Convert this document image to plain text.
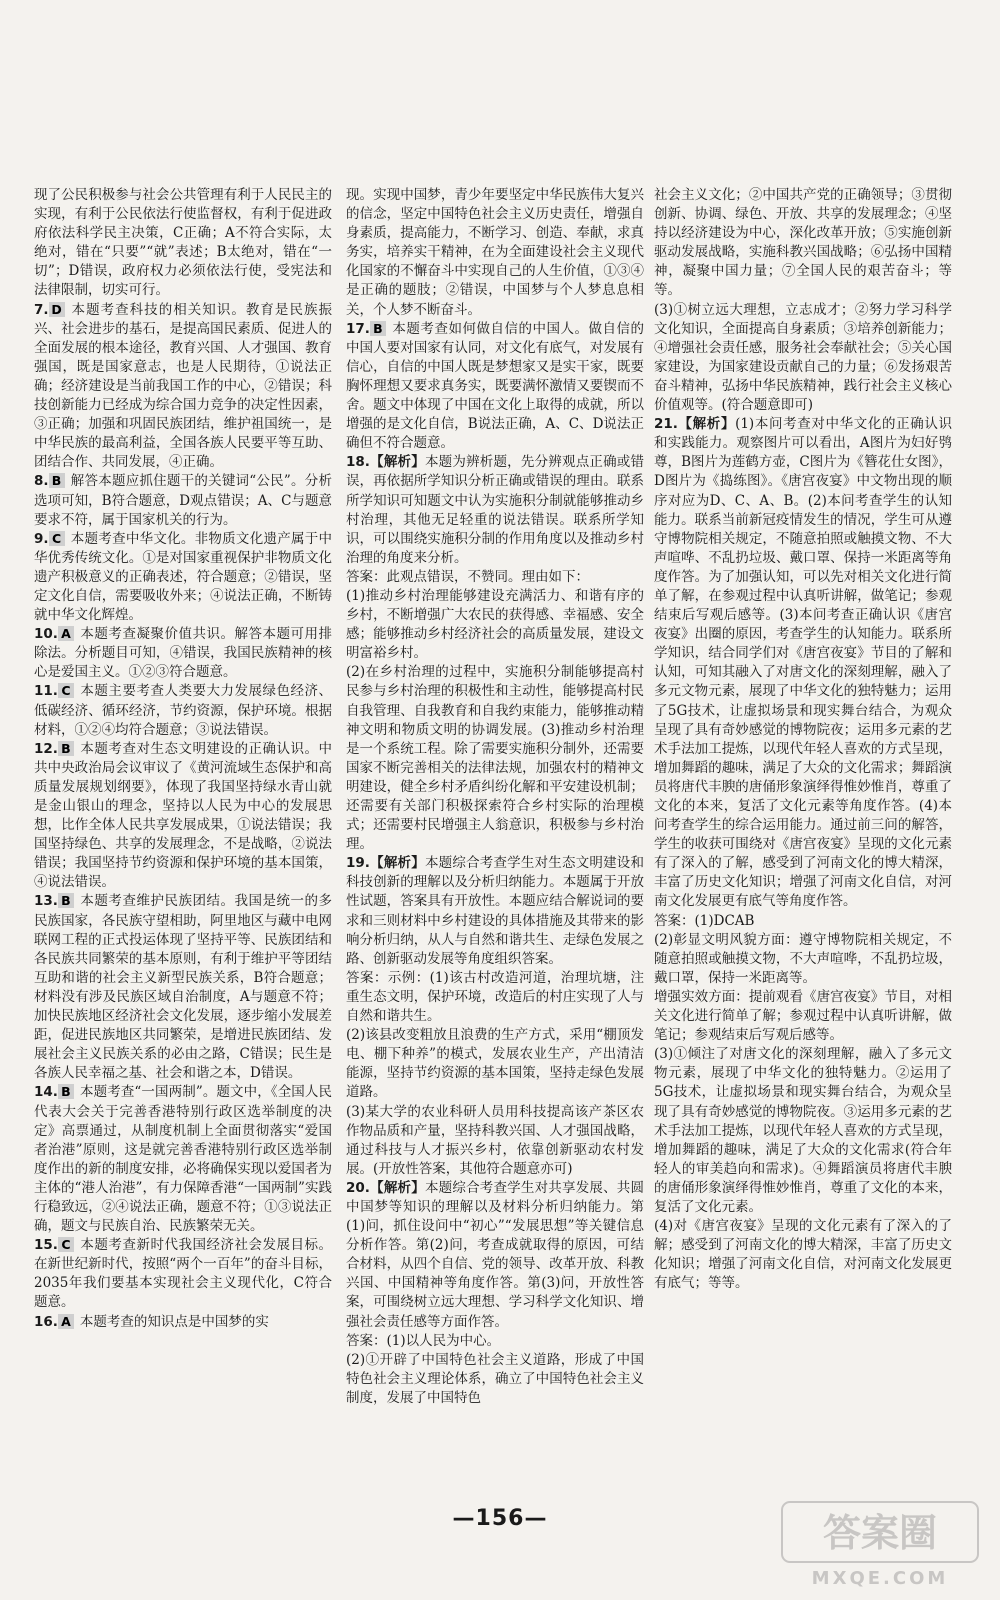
现了公民积极参与社会公共管理有利于人民民主的实现，有利于公民依法行使监督权，有利于促进政府依法科学民主决策，C正确；A不符合实际，太绝对，错在“只要”“就”表述；B太绝对，错在“一切”；D错误，政府权力必须依法行使，受宪法和法律限制，切实可行。

7. D 本题考查科技的相关知识。教育是民族振兴、社会进步的基石，是提高国民素质、促进人的全面发展的根本途径，教育兴国、人才强国、教育强国，既是国家意志，也是人民期待，①说法正确；经济建设是当前我国工作的中心，②错误；科技创新能力已经成为综合国力竞争的决定性因素，③正确；加强和巩固民族团结，维护祖国统一，是中华民族的最高利益，全国各族人民要平等互助、团结合作、共同发展，④正确。

8. B 解答本题应抓住题干的关键词“公民”。分析选项可知，B符合题意，D观点错误；A、C与题意要求不符，属于国家机关的行为。

9. C 本题考查中华文化。非物质文化遗产属于中华优秀传统文化。①是对国家重视保护非物质文化遗产积极意义的正确表述，符合题意；②错误，坚定文化自信，需要吸收外来；④说法正确，不断铸就中华文化辉煌。

10. A 本题考查凝聚价值共识。解答本题可用排除法。分析题目可知，④错误，我国民族精神的核心是爱国主义。①②③符合题意。

11. C 本题主要考查人类要大力发展绿色经济、低碳经济、循环经济，节约资源，保护环境。根据材料，①②④均符合题意；③说法错误。

12. B 本题考查对生态文明建设的正确认识。中共中央政治局会议审议了《黄河流域生态保护和高质量发展规划纲要》，体现了我国坚持绿水青山就是金山银山的理念，坚持以人民为中心的发展思想，比作全体人民共享发展成果，①说法错误；我国坚持绿色、共享的发展理念，不是战略，②说法错误；我国坚持节约资源和保护环境的基本国策，④说法错误。

13. B 本题考查维护民族团结。我国是统一的多民族国家，各民族守望相助，阿里地区与藏中电网联网工程的正式投运体现了坚持平等、民族团结和各民族共同繁荣的基本原则，有利于维护平等团结互助和谐的社会主义新型民族关系，B符合题意；材料没有涉及民族区域自治制度，A与题意不符；加快民族地区经济社会文化发展，逐步缩小发展差距，促进民族地区共同繁荣，是增进民族团结、发展社会主义民族关系的必由之路，C错误；民生是各族人民幸福之基、社会和谐之本，D错误。

14. B 本题考查“一国两制”。题文中，《全国人民代表大会关于完善香港特别行政区选举制度的决定》高票通过，从制度机制上全面贯彻落实“爱国者治港”原则，这是就完善香港特别行政区选举制度作出的新的制度安排，必将确保实现以爱国者为主体的“港人治港”，有力保障香港“一国两制”实践行稳致远，②④说法正确，题意不符；①③说法正确，题文与民族自治、民族繁荣无关。

15. C 本题考查新时代我国经济社会发展目标。在新世纪新时代，按照“两个一百年”的奋斗目标，2035年我们要基本实现社会主义现代化，C符合题意。

16. A 本题考查的知识点是中国梦的实

现。实现中国梦，青少年要坚定中华民族伟大复兴的信念，坚定中国特色社会主义历史责任，增强自身素质，提高能力，不断学习、创造、奉献，求真务实，培养实干精神，在为全面建设社会主义现代化国家的不懈奋斗中实现自己的人生价值，①③④是正确的题肢；②错误，中国梦与个人梦息息相关，个人梦不断奋斗。

17. B 本题考查如何做自信的中国人。做自信的中国人要对国家有认同，对文化有底气，对发展有信心，自信的中国人既是梦想家又是实干家，既要胸怀理想又要求真务实，既要满怀激情又要锲而不舍。题文中体现了中国在文化上取得的成就，所以增强的是文化自信，B说法正确，A、C、D说法正确但不符合题意。

18.【解析】本题为辨析题，先分辨观点正确或错误，再依据所学知识分析正确或错误的理由。联系所学知识可知题文中认为实施积分制就能够推动乡村治理，其他无足轻重的说法错误。联系所学知识，可以围绕实施积分制的作用角度以及推动乡村治理的角度来分析。

答案：此观点错误，不赞同。理由如下：

(1)推动乡村治理能够建设充满活力、和谐有序的乡村，不断增强广大农民的获得感、幸福感、安全感；能够推动乡村经济社会的高质量发展，建设文明富裕乡村。

(2)在乡村治理的过程中，实施积分制能够提高村民参与乡村治理的积极性和主动性，能够提高村民自我管理、自我教育和自我约束能力，能够推动精神文明和物质文明的协调发展。(3)推动乡村治理是一个系统工程。除了需要实施积分制外，还需要国家不断完善相关的法律法规，加强农村的精神文明建设，健全乡村矛盾纠纷化解和平安建设机制；还需要有关部门积极探索符合乡村实际的治理模式；还需要村民增强主人翁意识，积极参与乡村治理。

19.【解析】本题综合考查学生对生态文明建设和科技创新的理解以及分析归纳能力。本题属于开放性试题，答案具有开放性。本题应结合解说词的要求和三则材料中乡村建设的具体措施及其带来的影响分析归纳，从人与自然和谐共生、走绿色发展之路、创新驱动发展等角度组织答案。

答案：示例：(1)该古村改造河道，治理坑塘，注重生态文明，保护环境，改造后的村庄实现了人与自然和谐共生。

(2)该县改变粗放且浪费的生产方式，采用“棚顶发电、棚下种养”的模式，发展农业生产，产出清洁能源，坚持节约资源的基本国策，坚持走绿色发展道路。

(3)某大学的农业科研人员用科技提高该产茶区农作物品质和产量，坚持科教兴国、人才强国战略，通过科技与人才振兴乡村，依靠创新驱动农村发展。(开放性答案，其他符合题意亦可)

20.【解析】本题综合考查学生对共享发展、共圆中国梦等知识的理解以及材料分析归纳能力。第(1)问，抓住设问中“初心”“发展思想”等关键信息分析作答。第(2)问，考查成就取得的原因，可结合材料，从四个自信、党的领导、改革开放、科教兴国、中国精神等角度作答。第(3)问，开放性答案，可围绕树立远大理想、学习科学文化知识、增强社会责任感等方面作答。

答案：(1)以人民为中心。

(2)①开辟了中国特色社会主义道路，形成了中国特色社会主义理论体系，确立了中国特色社会主义制度，发展了中国特色

社会主义文化；②中国共产党的正确领导；③贯彻创新、协调、绿色、开放、共享的发展理念；④坚持以经济建设为中心，深化改革开放；⑤实施创新驱动发展战略，实施科教兴国战略；⑥弘扬中国精神，凝聚中国力量；⑦全国人民的艰苦奋斗；等等。

(3)①树立远大理想，立志成才；②努力学习科学文化知识，全面提高自身素质；③培养创新能力；④增强社会责任感，服务社会奉献社会；⑤关心国家建设，为国家建设贡献自己的力量；⑥发扬艰苦奋斗精神，弘扬中华民族精神，践行社会主义核心价值观等。(符合题意即可)

21.【解析】(1)本问考查对中华文化的正确认识和实践能力。观察图片可以看出，A图片为妇好鸮尊，B图片为莲鹤方壶，C图片为《簪花仕女图》，D图片为《捣练图》。《唐宫夜宴》中文物出现的顺序对应为D、C、A、B。(2)本问考查学生的认知能力。联系当前新冠疫情发生的情况，学生可从遵守博物院相关规定，不随意拍照或触摸文物、不大声喧哗、不乱扔垃圾、戴口罩、保持一米距离等角度作答。为了加强认知，可以先对相关文化进行简单了解，在参观过程中认真听讲解，做笔记；参观结束后写观后感等。(3)本问考查正确认识《唐宫夜宴》出圈的原因，考查学生的认知能力。联系所学知识，结合同学们对《唐宫夜宴》节目的了解和认知，可知其融入了对唐文化的深刻理解，融入了多元文物元素，展现了中华文化的独特魅力；运用了5G技术，让虚拟场景和现实舞台结合，为观众呈现了具有奇妙感觉的博物院夜；运用多元素的艺术手法加工提炼，以现代年轻人喜欢的方式呈现，增加舞蹈的趣味，满足了大众的文化需求；舞蹈演员将唐代丰腴的唐俑形象演绎得惟妙惟肖，尊重了文化的本来，复活了文化元素等角度作答。(4)本问考查学生的综合运用能力。通过前三问的解答，学生的收获可围绕对《唐宫夜宴》呈现的文化元素有了深入的了解，感受到了河南文化的博大精深，丰富了历史文化知识；增强了河南文化自信，对河南文化发展更有底气等角度作答。

答案：(1)DCAB

(2)彰显文明风貌方面：遵守博物院相关规定，不随意拍照或触摸文物，不大声喧哗，不乱扔垃圾，戴口罩，保持一米距离等。

增强实效方面：提前观看《唐宫夜宴》节目，对相关文化进行简单了解；参观过程中认真听讲解，做笔记；参观结束后写观后感等。

(3)①倾注了对唐文化的深刻理解，融入了多元文物元素，展现了中华文化的独特魅力。②运用了5G技术，让虚拟场景和现实舞台结合，为观众呈现了具有奇妙感觉的博物院夜。③运用多元素的艺术手法加工提炼，以现代年轻人喜欢的方式呈现，增加舞蹈的趣味，满足了大众的文化需求(符合年轻人的审美趋向和需求)。④舞蹈演员将唐代丰腴的唐俑形象演绎得惟妙惟肖，尊重了文化的本来，复活了文化元素。

(4)对《唐宫夜宴》呈现的文化元素有了深入的了解；感受到了河南文化的博大精深，丰富了历史文化知识；增强了河南文化自信，对河南文化发展更有底气；等等。

—156—	答案圈
MXQE.COM
